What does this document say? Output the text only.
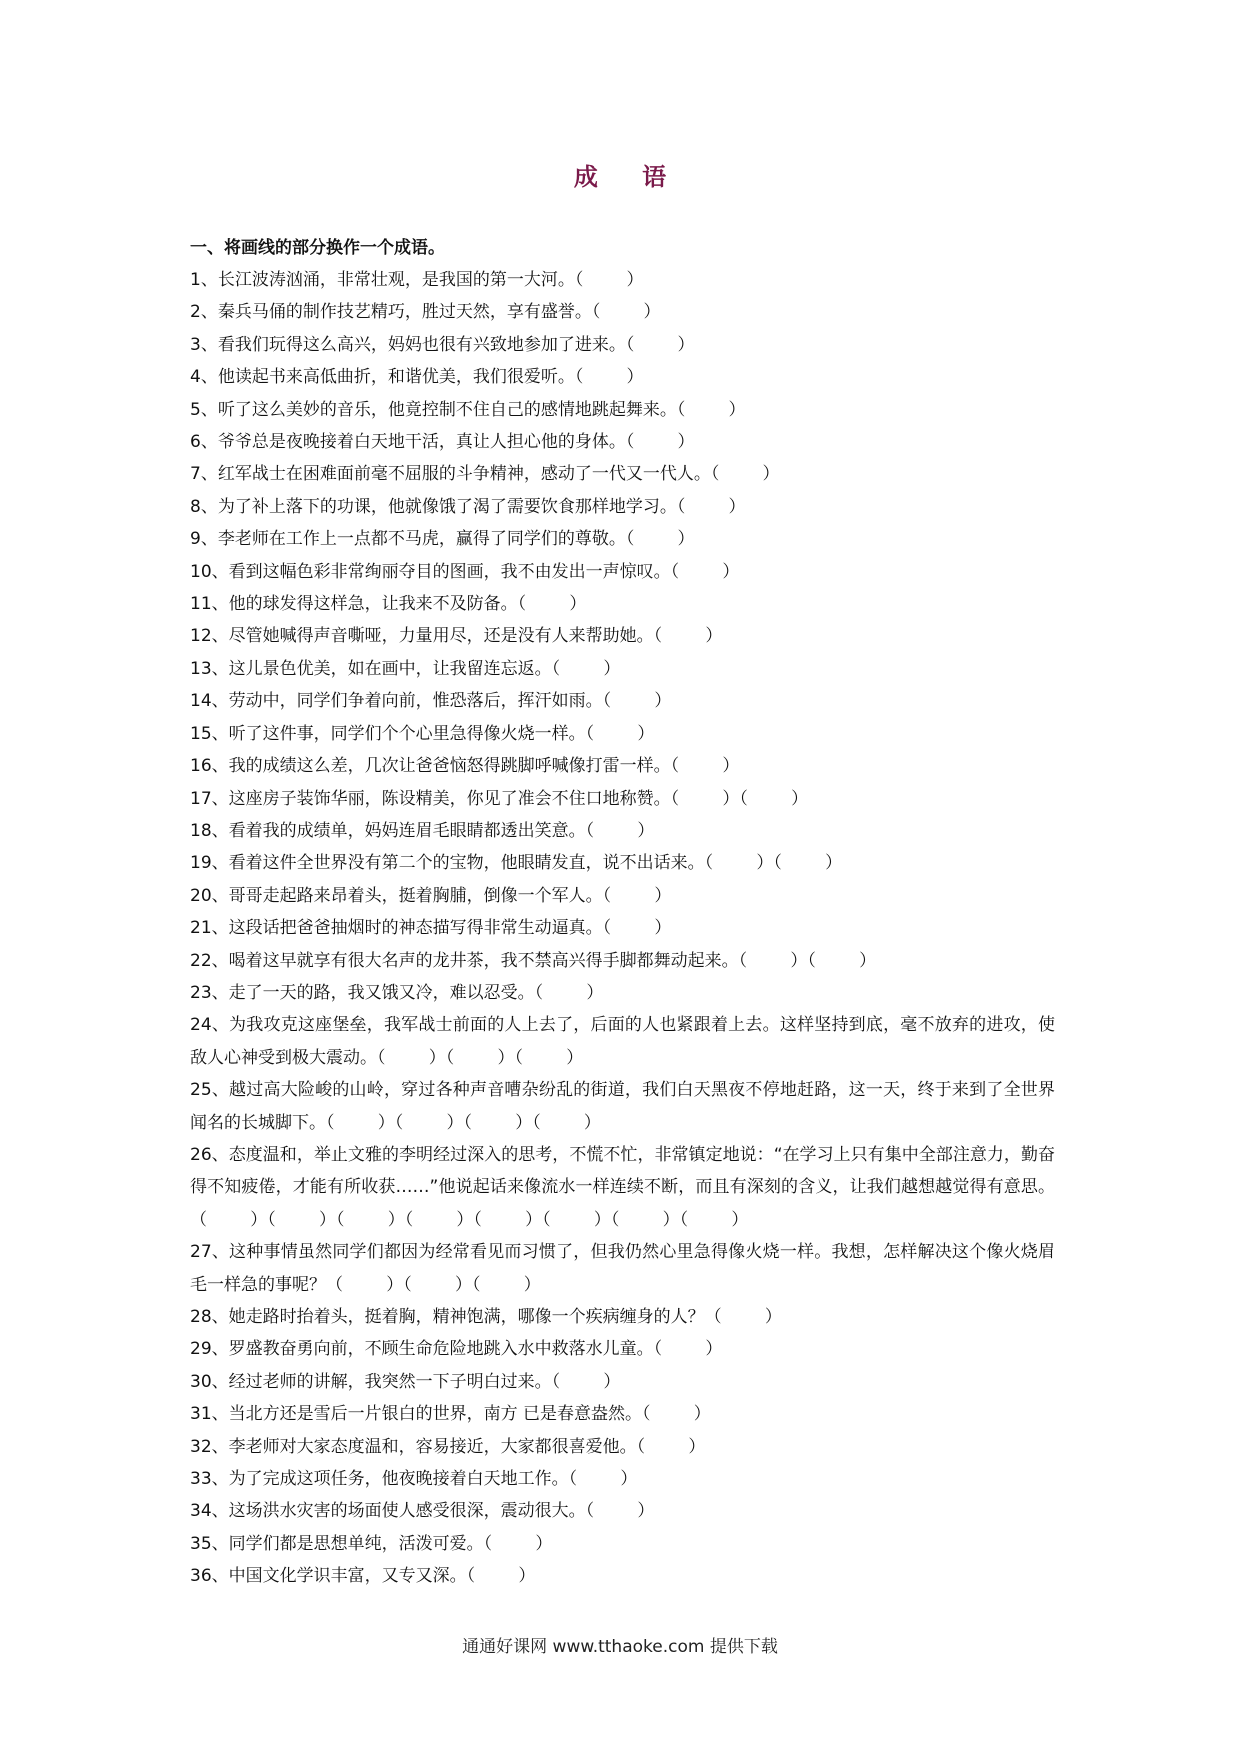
成 语

一、将画线的部分换作一个成语。

1、长江波涛汹涌，非常壮观，是我国的第一大河。（        ）

2、秦兵马俑的制作技艺精巧，胜过天然，享有盛誉。（        ）

3、看我们玩得这么高兴，妈妈也很有兴致地参加了进来。（        ）

4、他读起书来高低曲折，和谐优美，我们很爱听。（        ）

5、听了这么美妙的音乐，他竟控制不住自己的感情地跳起舞来。（        ）

6、爷爷总是夜晚接着白天地干活，真让人担心他的身体。（        ）

7、红军战士在困难面前毫不屈服的斗争精神，感动了一代又一代人。（        ）

8、为了补上落下的功课，他就像饿了渴了需要饮食那样地学习。（        ）

9、李老师在工作上一点都不马虎，赢得了同学们的尊敬。（        ）

10、看到这幅色彩非常绚丽夺目的图画，我不由发出一声惊叹。（        ）

11、他的球发得这样急，让我来不及防备。（        ）

12、尽管她喊得声音嘶哑，力量用尽，还是没有人来帮助她。（        ）

13、这儿景色优美，如在画中，让我留连忘返。（        ）

14、劳动中，同学们争着向前，惟恐落后，挥汗如雨。（        ）

15、听了这件事，同学们个个心里急得像火烧一样。（        ）

16、我的成绩这么差，几次让爸爸恼怒得跳脚呼喊像打雷一样。（        ）

17、这座房子装饰华丽，陈设精美，你见了准会不住口地称赞。（        ）（        ）

18、看着我的成绩单，妈妈连眉毛眼睛都透出笑意。（        ）

19、看着这件全世界没有第二个的宝物，他眼睛发直，说不出话来。（        ）（        ）

20、哥哥走起路来昂着头，挺着胸脯，倒像一个军人。（        ）

21、这段话把爸爸抽烟时的神态描写得非常生动逼真。（        ）

22、喝着这早就享有很大名声的龙井茶，我不禁高兴得手脚都舞动起来。（        ）（        ）

23、走了一天的路，我又饿又冷，难以忍受。（        ）

24、为我攻克这座堡垒，我军战士前面的人上去了，后面的人也紧跟着上去。这样坚持到底，毫不放弃的进攻，使敌人心神受到极大震动。（        ）（        ）（        ）

25、越过高大险峻的山岭，穿过各种声音嘈杂纷乱的街道，我们白天黑夜不停地赶路，这一天，终于来到了全世界闻名的长城脚下。（        ）（        ）（        ）（        ）

26、态度温和，举止文雅的李明经过深入的思考，不慌不忙，非常镇定地说：“在学习上只有集中全部注意力，勤奋得不知疲倦，才能有所收获……”他说起话来像流水一样连续不断，而且有深刻的含义，让我们越想越觉得有意思。（        ）（        ）（        ）（        ）（        ）（        ）（        ）（        ）

27、这种事情虽然同学们都因为经常看见而习惯了，但我仍然心里急得像火烧一样。我想，怎样解决这个像火烧眉毛一样急的事呢？（        ）（        ）（        ）

28、她走路时抬着头，挺着胸，精神饱满，哪像一个疾病缠身的人？（        ）

29、罗盛教奋勇向前，不顾生命危险地跳入水中救落水儿童。（        ）

30、经过老师的讲解，我突然一下子明白过来。（        ）

31、当北方还是雪后一片银白的世界，南方 已是春意盎然。（        ）

32、李老师对大家态度温和，容易接近，大家都很喜爱他。（        ）

33、为了完成这项任务，他夜晚接着白天地工作。（        ）

34、这场洪水灾害的场面使人感受很深，震动很大。（        ）

35、同学们都是思想单纯，活泼可爱。（        ）

36、中国文化学识丰富，又专又深。（        ）

通通好课网 www.tthaoke.com 提供下载
